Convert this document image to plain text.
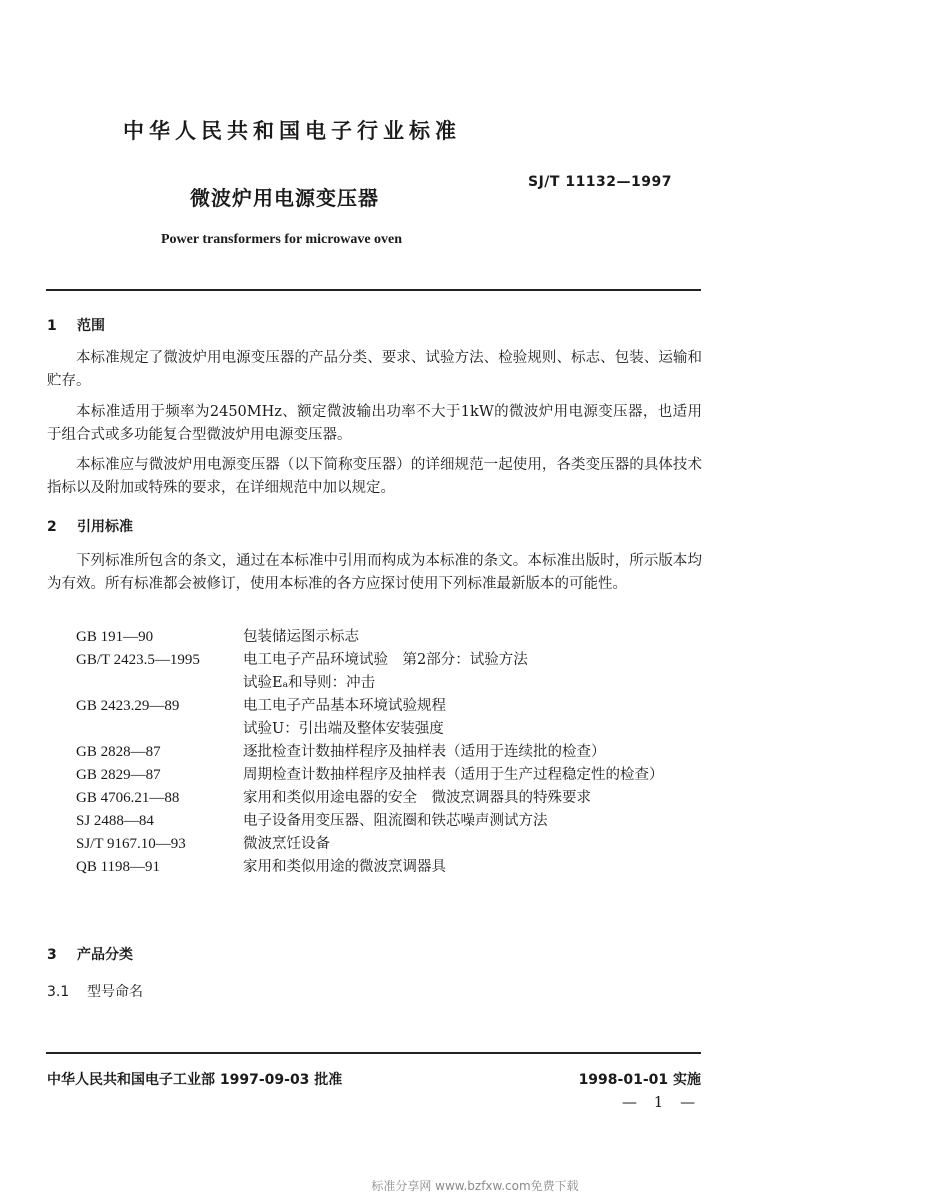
中华人民共和国电子行业标准
SJ/T 11132—1997
微波炉用电源变压器
Power transformers for microwave oven
1 范围

本标准规定了微波炉用电源变压器的产品分类、要求、试验方法、检验规则、标志、包装、运输和贮存。

本标准适用于频率为2450MHz、额定微波输出功率不大于1kW的微波炉用电源变压器，也适用于组合式或多功能复合型微波炉用电源变压器。

本标准应与微波炉用电源变压器（以下简称变压器）的详细规范一起使用，各类变压器的具体技术指标以及附加或特殊的要求，在详细规范中加以规定。

2 引用标准

下列标准所包含的条文，通过在本标准中引用而构成为本标准的条文。本标准出版时，所示版本均为有效。所有标准都会被修订，使用本标准的各方应探讨使用下列标准最新版本的可能性。

GB 191—90	包装储运图示标志
GB/T 2423.5—1995	电工电子产品环境试验　第2部分：试验方法
试验Eₐ和导则：冲击
GB 2423.29—89	电工电子产品基本环境试验规程
试验U：引出端及整体安装强度
GB 2828—87	逐批检查计数抽样程序及抽样表（适用于连续批的检查）
GB 2829—87	周期检查计数抽样程序及抽样表（适用于生产过程稳定性的检查）
GB 4706.21—88	家用和类似用途电器的安全　微波烹调器具的特殊要求
SJ 2488—84	电子设备用变压器、阻流圈和铁芯噪声测试方法
SJ/T 9167.10—93	微波烹饪设备
QB 1198—91	家用和类似用途的微波烹调器具
3 产品分类
3.1 型号命名
中华人民共和国电子工业部 1997-09-03 批准	1998-01-01 实施
— 1 —
标准分享网 www.bzfxw.com免费下载
